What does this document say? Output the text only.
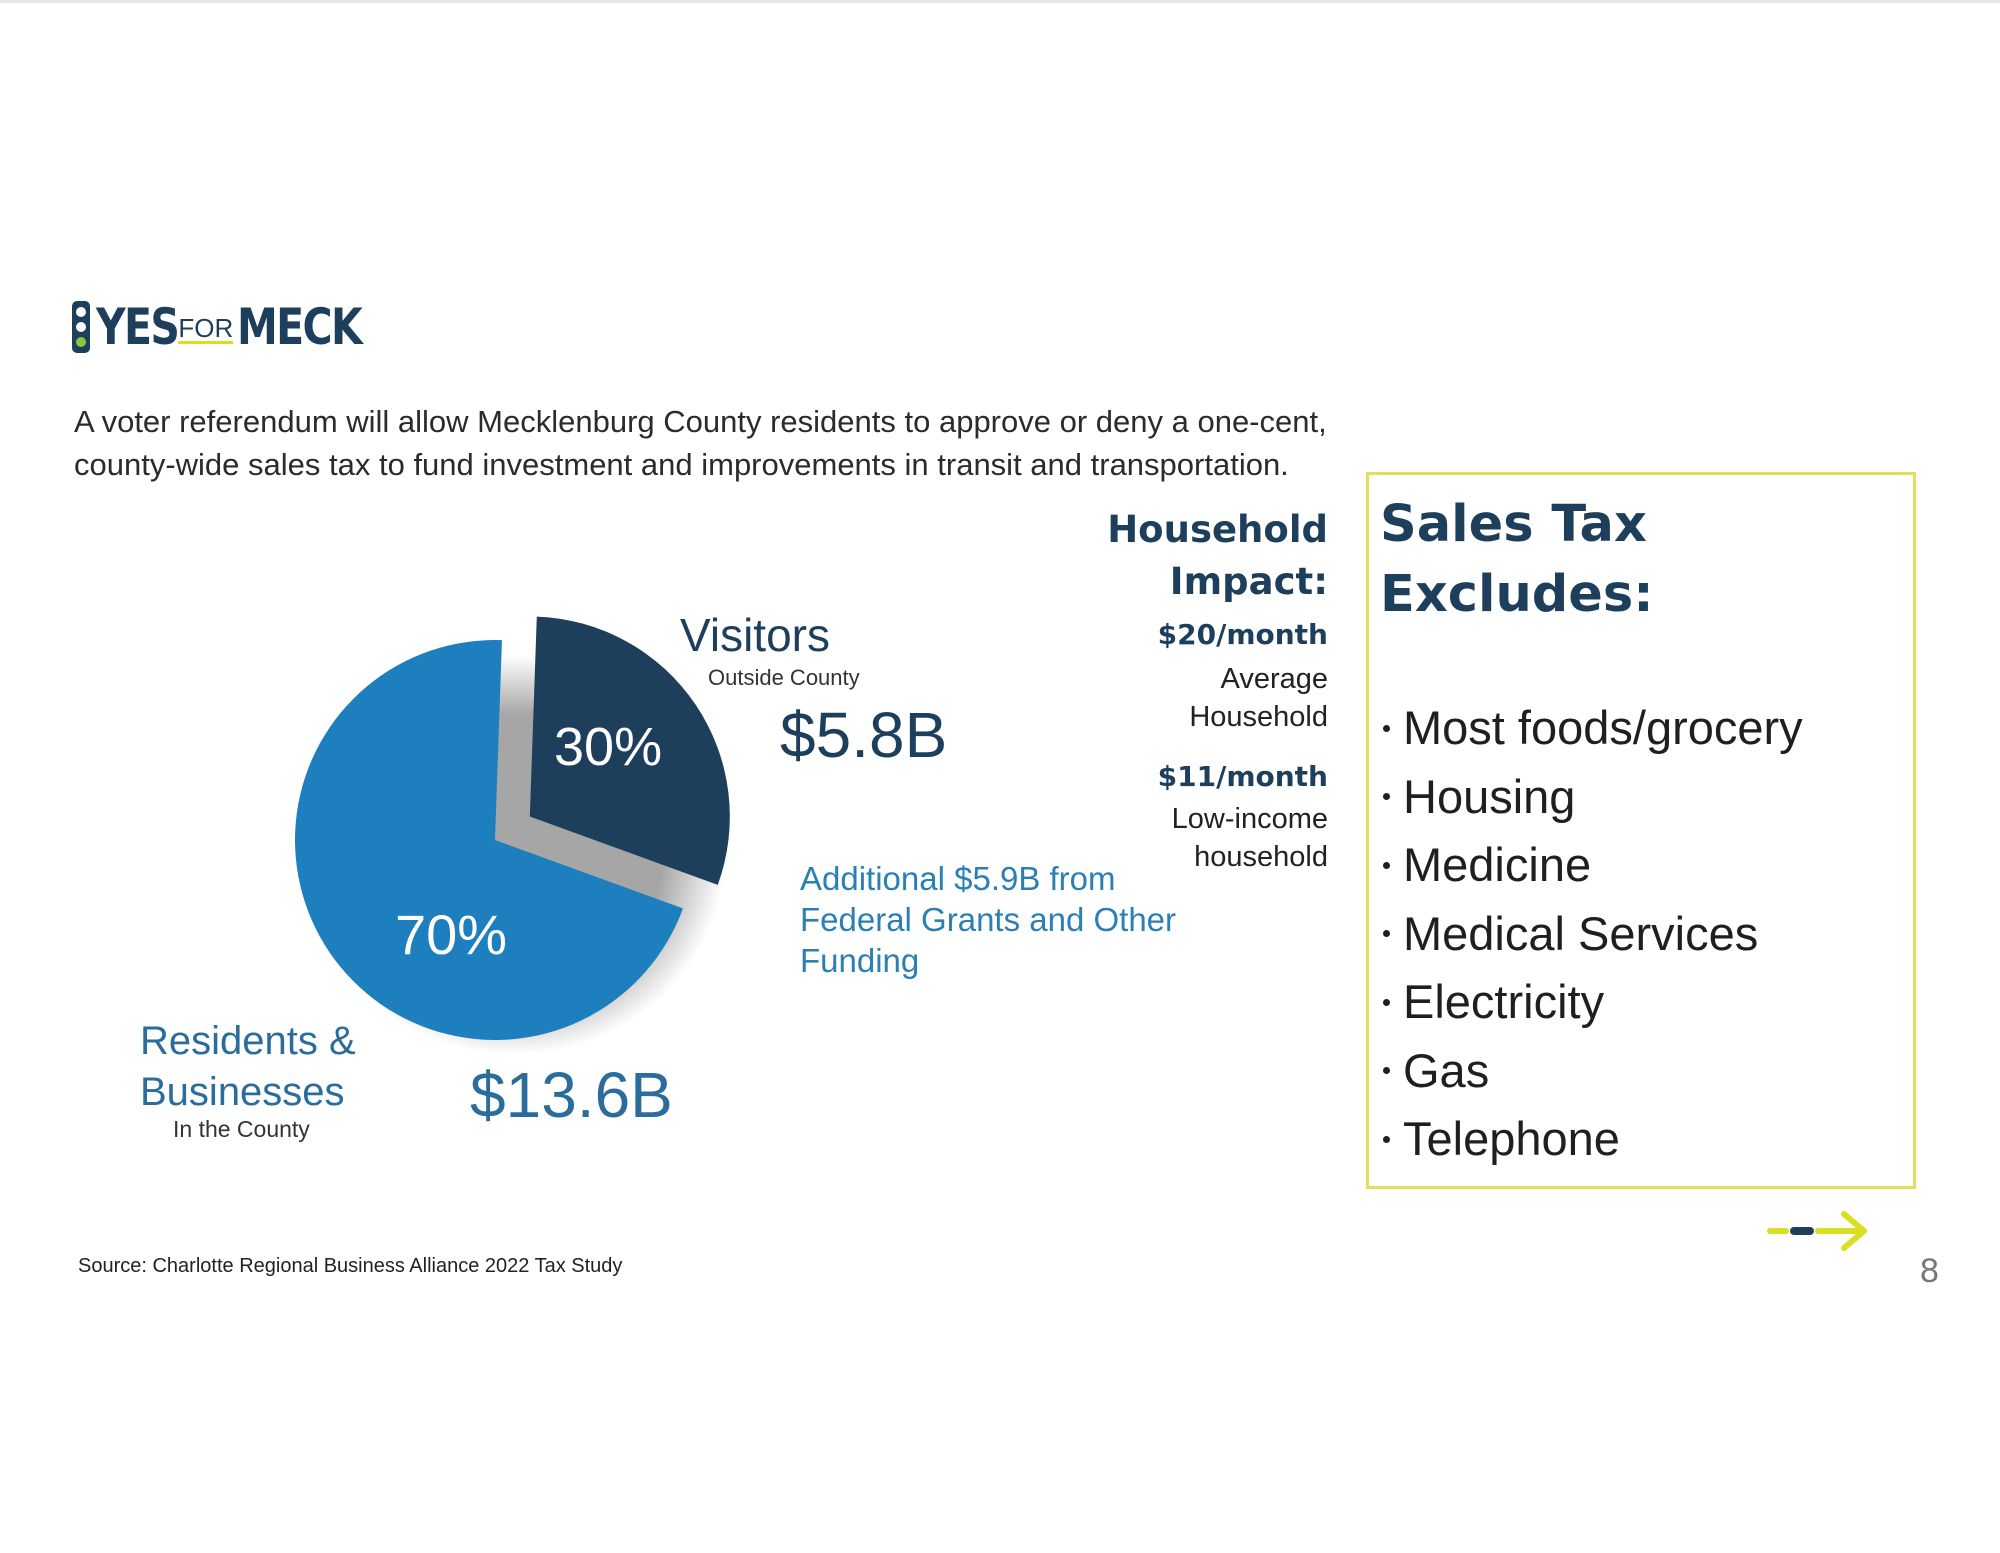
YES FOR MECK
A voter referendum will allow Mecklenburg County residents to approve or deny a one-cent, county-wide sales tax to fund investment and improvements in transit and transportation.
Visitors
Outside County
$5.8B
30%
70%
Additional $5.9B from Federal Grants and Other Funding
Residents & Businesses
In the County	$13.6B
Household Impact:
$20/month
Average Household
$11/month
Low-income household
Sales Tax Excludes:
Most foods/grocery
Housing
Medicine
Medical Services
Electricity
Gas
Telephone
Source: Charlotte Regional Business Alliance 2022 Tax Study	8
